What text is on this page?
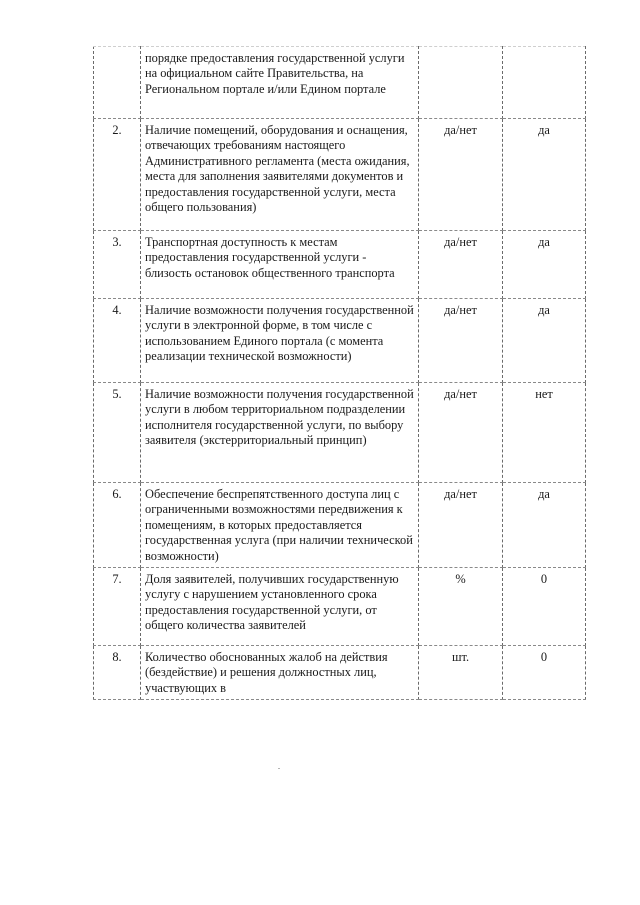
	порядке предоставления государственной услуги на официальном сайте Правительства, на Региональном портале и/или Едином портале		
2.	Наличие помещений, оборудования и оснащения, отвечающих требованиям настоящего Административного регламента (места ожидания, места для заполнения заявителями документов и предоставления государственной услуги, места общего пользования)	да/нет	да
3.	Транспортная доступность к местам предоставления государственной услуги - близость остановок общественного транспорта	да/нет	да
4.	Наличие возможности получения государственной услуги в электронной форме, в том числе с использованием Единого портала (с момента реализации технической возможности)	да/нет	да
5.	Наличие возможности получения государственной услуги в любом территориальном подразделении исполнителя государственной услуги, по выбору заявителя (экстерриториальный принцип)	да/нет	нет
6.	Обеспечение беспрепятственного доступа лиц с ограниченными возможностями передвижения к помещениям, в которых предоставляется государственная услуга (при наличии технической возможности)	да/нет	да
7.	Доля заявителей, получивших государственную услугу с нарушением установленного срока предоставления государственной услуги, от общего количества заявителей	%	0
8.	Количество обоснованных жалоб на действия (бездействие) и решения должностных лиц, участвующих в	шт.	0
